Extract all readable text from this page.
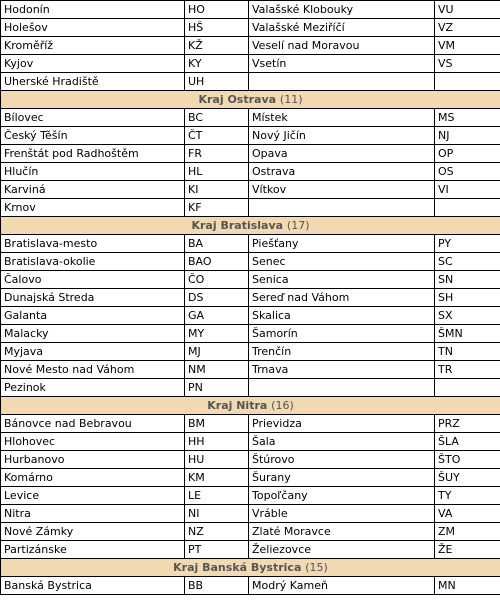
Hodonín	HO	Valašské Klobouky	VU
Holešov	HŠ	Valašské Meziříčí	VZ
Kroměříž	KŽ	Veselí nad Moravou	VM
Kyjov	KY	Vsetín	VS
Uherské Hradiště	UH		
Kraj Ostrava (11)			
Bílovec	BC	Místek	MS
Český Těšín	ČT	Nový Jičín	NJ
Frenštát pod Radhoštěm	FR	Opava	OP
Hlučín	HL	Ostrava	OS
Karviná	KI	Vítkov	VI
Krnov	KF		
Kraj Bratislava (17)			
Bratislava-mesto	BA	Piešťany	PY
Bratislava-okolie	BAO	Senec	SC
Čalovo	ČO	Senica	SN
Dunajská Streda	DS	Sereď nad Váhom	SH
Galanta	GA	Skalica	SX
Malacky	MY	Šamorín	ŠMN
Myjava	MJ	Trenčín	TN
Nové Mesto nad Váhom	NM	Trnava	TR
Pezinok	PN		
Kraj Nitra (16)			
Bánovce nad Bebravou	BM	Prievidza	PRZ
Hlohovec	HH	Šala	ŠLA
Hurbanovo	HU	Štúrovo	ŠTO
Komárno	KM	Šurany	ŠUY
Levice	LE	Topoľčany	TY
Nitra	NI	Vráble	VA
Nové Zámky	NZ	Zlaté Moravce	ZM
Partizánske	PT	Želiezovce	ŽE
Kraj Banská Bystrica (15)			
Banská Bystrica	BB	Modrý Kameň	MN
